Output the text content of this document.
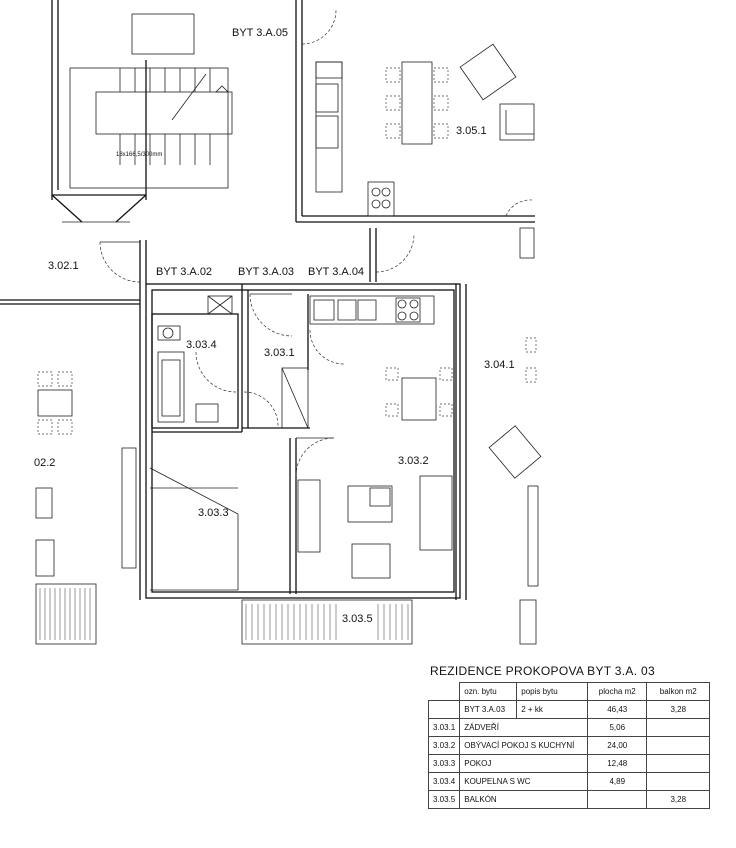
18x166,5/300mm
BYT 3.A.05
BYT 3.A.02 BYT 3.A.03 BYT 3.A.04
3.05.1
3.02.1
3.04.1
02.2
3.03.4
3.03.1
3.03.2
3.03.3
3.03.5
REZIDENCE PROKOPOVA BYT 3.A. 03
	ozn. bytu	popis bytu	plocha m2	balkon m2
	BYT 3.A.03	2 + kk	46,43	3,28
3.03.1	ZÁDVEŘÍ		5,06	
3.03.2	OBÝVACÍ POKOJ S KUCHYNÍ		24,00	
3.03.3	POKOJ		12,48	
3.03.4	KOUPELNA S WC		4,89	
3.03.5	BALKÓN			3,28
